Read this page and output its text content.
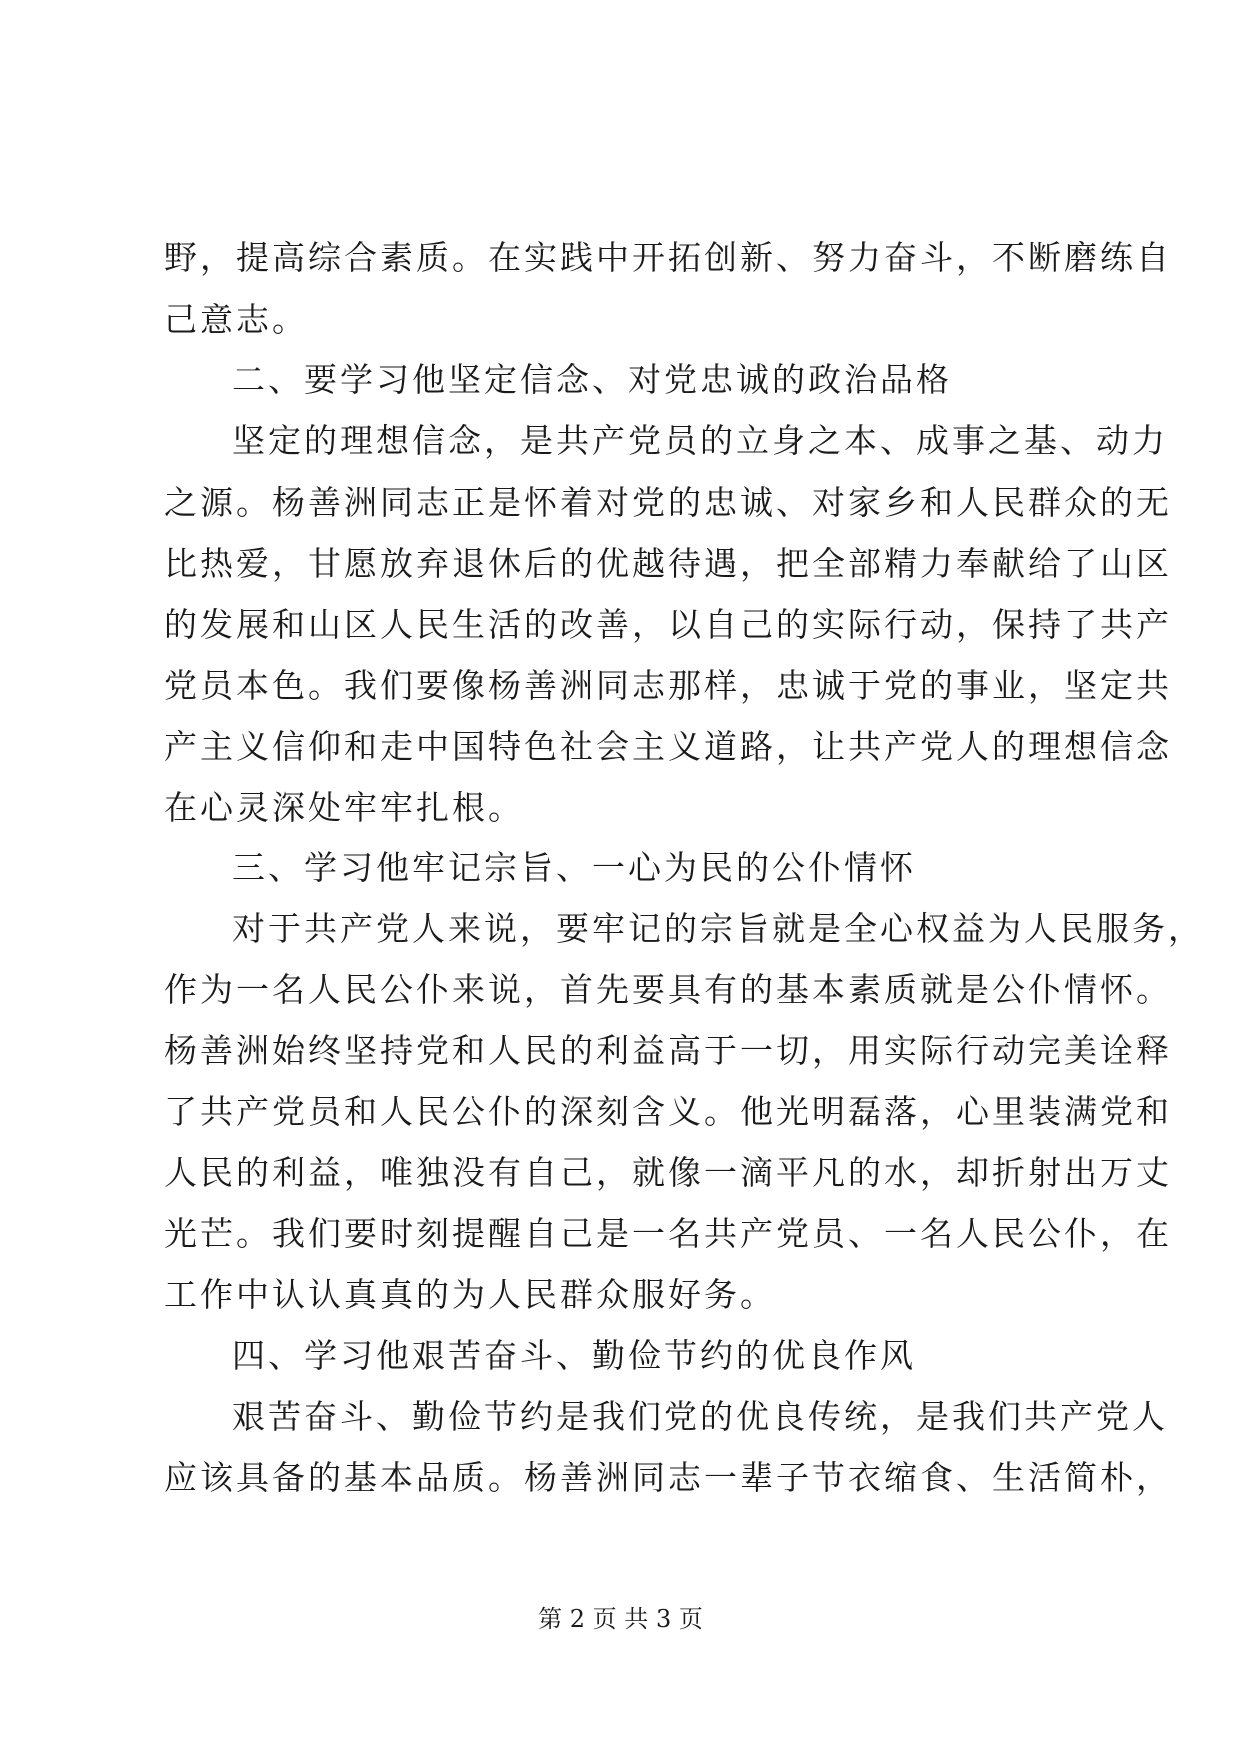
野，提高综合素质。在实践中开拓创新、努力奋斗，不断磨练自
己意志。
二、要学习他坚定信念、对党忠诚的政治品格
坚定的理想信念，是共产党员的立身之本、成事之基、动力
之源。杨善洲同志正是怀着对党的忠诚、对家乡和人民群众的无
比热爱，甘愿放弃退休后的优越待遇，把全部精力奉献给了山区
的发展和山区人民生活的改善，以自己的实际行动，保持了共产
党员本色。我们要像杨善洲同志那样，忠诚于党的事业，坚定共
产主义信仰和走中国特色社会主义道路，让共产党人的理想信念
在心灵深处牢牢扎根。
三、学习他牢记宗旨、一心为民的公仆情怀
对于共产党人来说，要牢记的宗旨就是全心权益为人民服务，
作为一名人民公仆来说，首先要具有的基本素质就是公仆情怀。
杨善洲始终坚持党和人民的利益高于一切，用实际行动完美诠释
了共产党员和人民公仆的深刻含义。他光明磊落，心里装满党和
人民的利益，唯独没有自己，就像一滴平凡的水，却折射出万丈
光芒。我们要时刻提醒自己是一名共产党员、一名人民公仆，在
工作中认认真真的为人民群众服好务。
四、学习他艰苦奋斗、勤俭节约的优良作风
艰苦奋斗、勤俭节约是我们党的优良传统，是我们共产党人
应该具备的基本品质。杨善洲同志一辈子节衣缩食、生活简朴，
第 2 页 共 3 页
